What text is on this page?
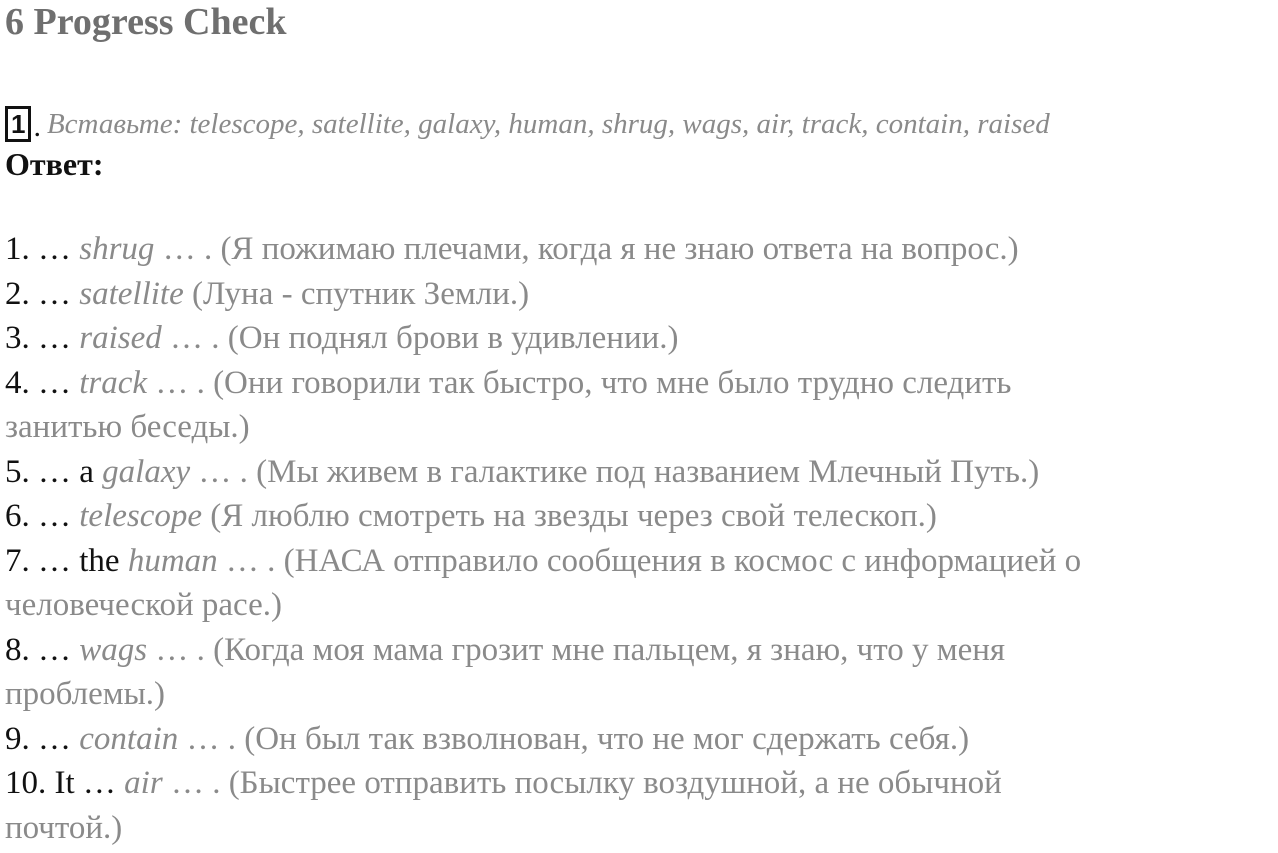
6 Progress Check
1 . Вставьте: telescope, satellite, galaxy, human, shrug, wags, air, track, contain, raised
Ответ:
1. … shrug … . (Я пожимаю плечами, когда я не знаю ответа на вопрос.)
2. … satellite (Луна - спутник Земли.)
3. … raised … . (Он поднял брови в удивлении.)
4. … track … . (Они говорили так быстро, что мне было трудно следить
занитью беседы.)
5. … a galaxy … . (Мы живем в галактике под названием Млечный Путь.)
6. … telescope (Я люблю смотреть на звезды через свой телескоп.)
7. … the human … . (НАСА отправило сообщения в космос с информацией о
человеческой расе.)
8. … wags … . (Когда моя мама грозит мне пальцем, я знаю, что у меня
проблемы.)
9. … contain … . (Он был так взволнован, что не мог сдержать себя.)
10. It … air … . (Быстрее отправить посылку воздушной, а не обычной
почтой.)
